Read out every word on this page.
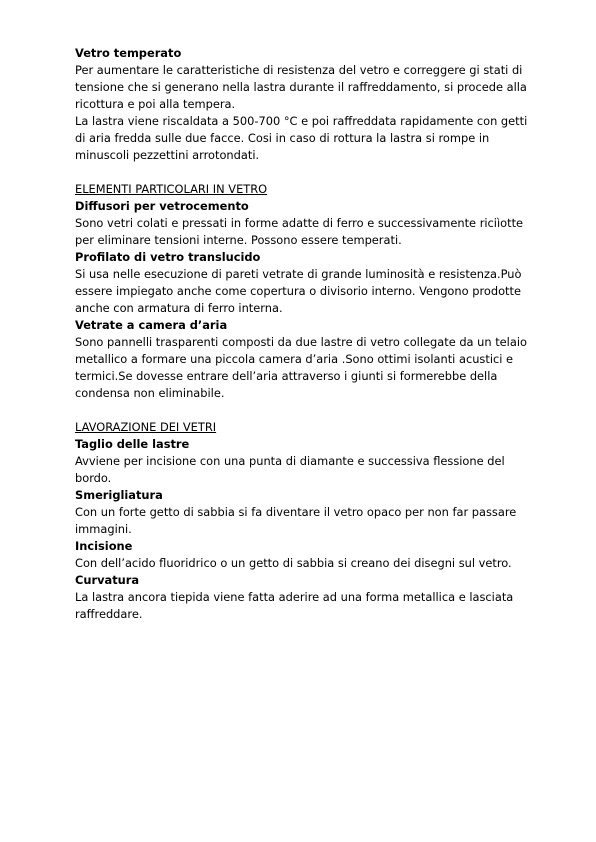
Vetro temperato

Per aumentare le caratteristiche di resistenza del vetro e correggere gi stati di tensione che si generano nella lastra durante il raffreddamento, si procede alla ricottura e poi alla tempera.

La lastra viene riscaldata a 500-700 °C e poi raffreddata rapidamente con getti di aria fredda sulle due facce. Cosi in caso di rottura la lastra si rompe in minuscoli pezzettini arrotondati.

ELEMENTI PARTICOLARI IN VETRO

Diffusori per vetrocemento

Sono vetri colati e pressati in forme adatte di ferro e successivamente riciìotte per eliminare tensioni interne. Possono essere temperati.

Profilato di vetro translucido

Si usa nelle esecuzione di pareti vetrate di grande luminosità e resistenza.Può essere impiegato anche come copertura o divisorio interno. Vengono prodotte anche con armatura di ferro interna.

Vetrate a camera d’aria

Sono pannelli trasparenti composti da due lastre di vetro collegate da un telaio metallico a formare una piccola camera d’aria .Sono ottimi isolanti acustici e termici.Se dovesse entrare dell’aria attraverso i giunti si formerebbe della condensa non eliminabile.

LAVORAZIONE DEI VETRI

Taglio delle lastre

Avviene per incisione con una punta di diamante e successiva flessione del bordo.

Smerigliatura

Con un forte getto di sabbia si fa diventare il vetro opaco per non far passare immagini.

Incisione

Con dell’acido fluoridrico o un getto di sabbia si creano dei disegni sul vetro.

Curvatura

La lastra ancora tiepida viene fatta aderire ad una forma metallica e lasciata raffreddare.
